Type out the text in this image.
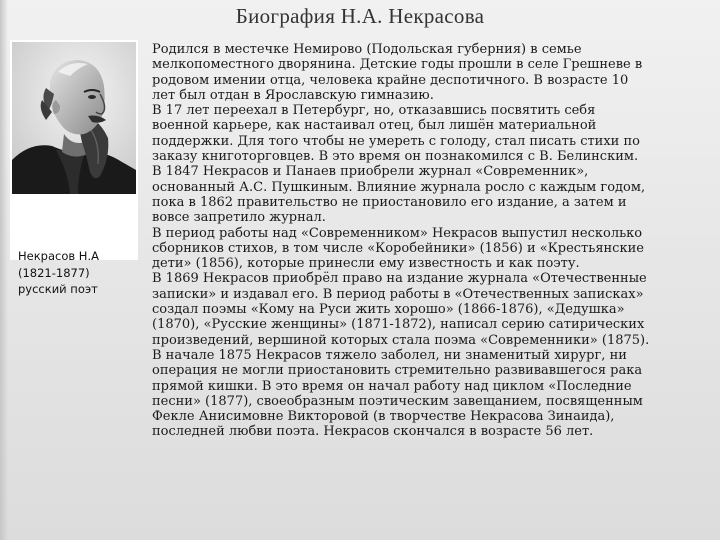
Биография Н.А. Некрасова
Некрасов Н.А
(1821-1877)
русский поэт

Родился в местечке Немирово (Подольская губерния) в семье
мелкопоместного дворянина. Детские годы прошли в селе Грешневе в
родовом имении отца, человека крайне деспотичного. В возрасте 10
лет был отдан в Ярославскую гимназию.

В 17 лет переехал в Петербург, но, отказавшись посвятить себя
военной карьере, как настаивал отец, был лишён материальной
поддержки. Для того чтобы не умереть с голоду, стал писать стихи по
заказу книготорговцев. В это время он познакомился с В. Белинским.

В 1847 Некрасов и Панаев приобрели журнал «Современник»,
основанный А.С. Пушкиным. Влияние журнала росло с каждым годом,
пока в 1862 правительство не приостановило его издание, а затем и
вовсе запретило журнал.

В период работы над «Современником» Некрасов выпустил несколько
сборников стихов, в том числе «Коробейники» (1856) и «Крестьянские
дети» (1856), которые принесли ему известность и как поэту.

В 1869 Некрасов приобрёл право на издание журнала «Отечественные
записки» и издавал его. В период работы в «Отечественных записках»
создал поэмы «Кому на Руси жить хорошо» (1866-1876), «Дедушка»
(1870), «Русские женщины» (1871-1872), написал серию сатирических
произведений, вершиной которых стала поэма «Современники» (1875).

В начале 1875 Некрасов тяжело заболел, ни знаменитый хирург, ни
операция не могли приостановить стремительно развивавшегося рака
прямой кишки. В это время он начал работу над циклом «Последние
песни» (1877), своеобразным поэтическим завещанием, посвященным
Фекле Анисимовне Викторовой (в творчестве Некрасова Зинаида),
последней любви поэта. Некрасов скончался в возрасте 56 лет.
